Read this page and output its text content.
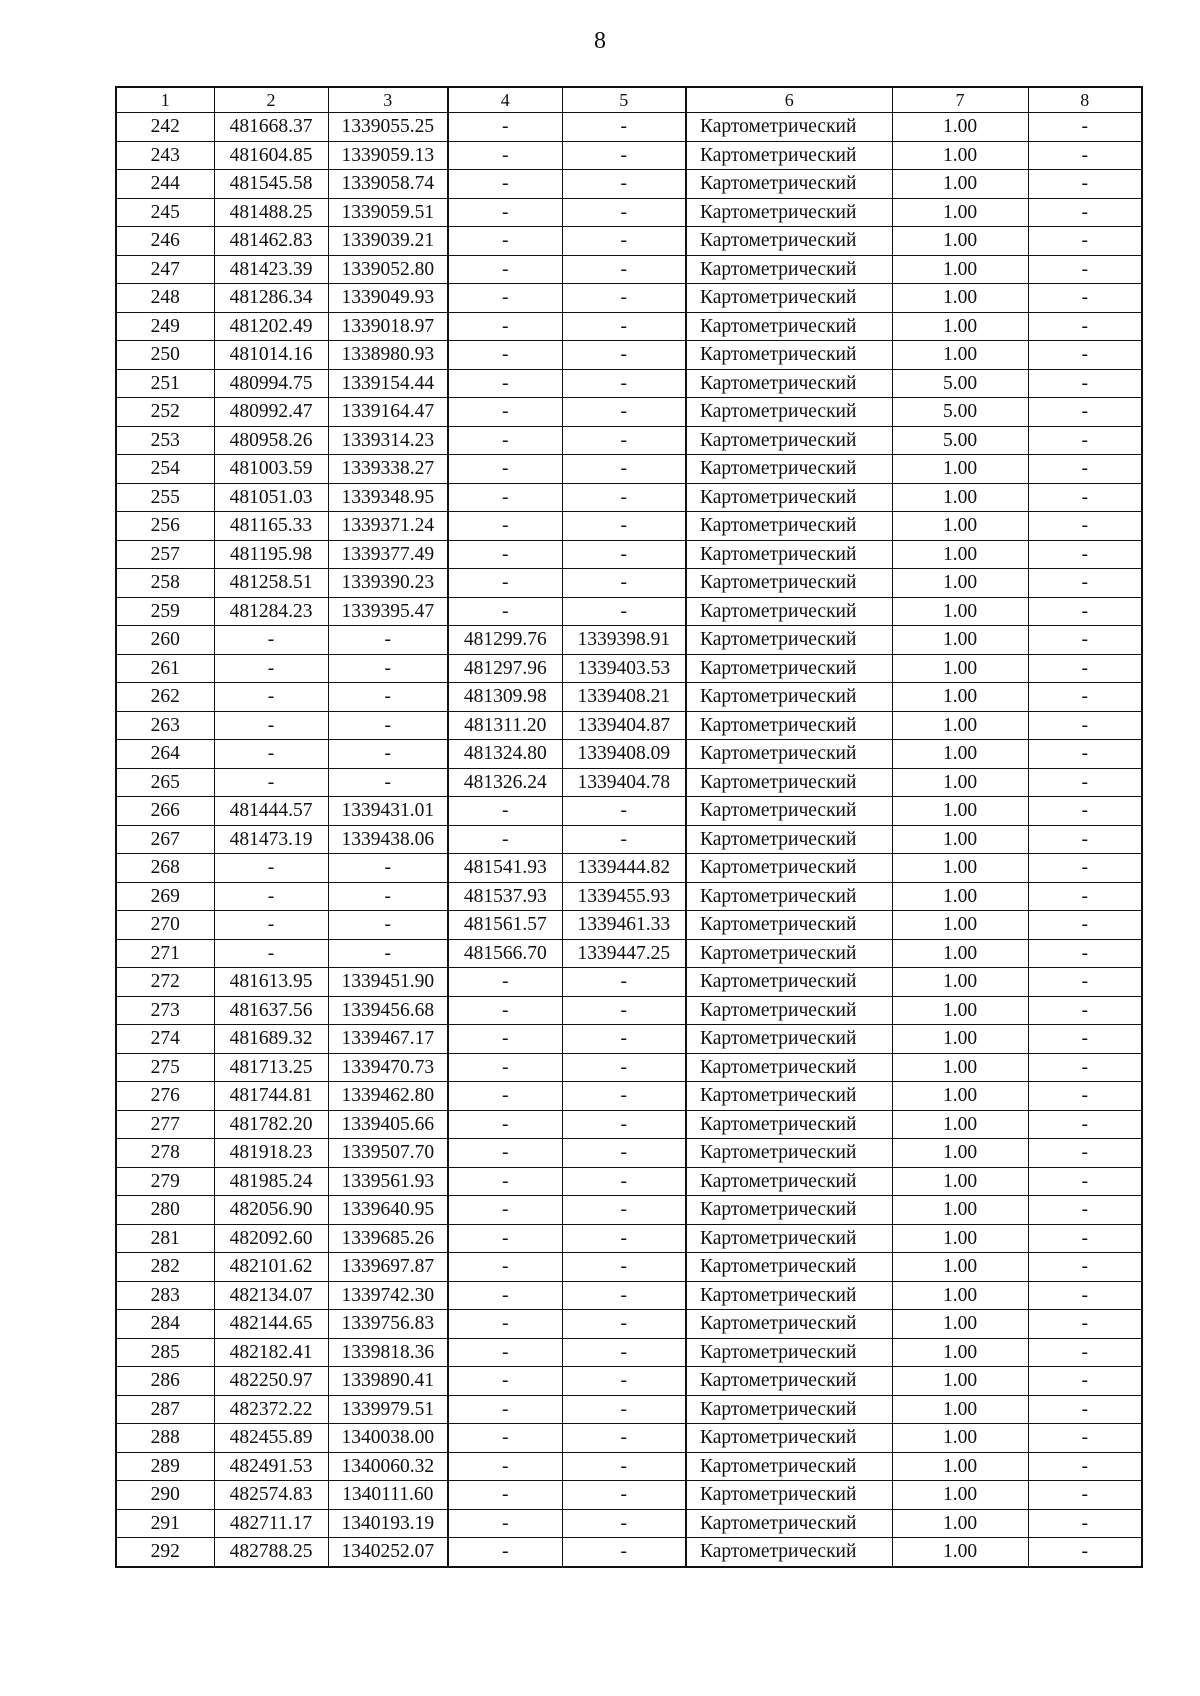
8
1	2	3	4	5	6	7	8
242	481668.37	1339055.25	-	-	Картометрический	1.00	-
243	481604.85	1339059.13	-	-	Картометрический	1.00	-
244	481545.58	1339058.74	-	-	Картометрический	1.00	-
245	481488.25	1339059.51	-	-	Картометрический	1.00	-
246	481462.83	1339039.21	-	-	Картометрический	1.00	-
247	481423.39	1339052.80	-	-	Картометрический	1.00	-
248	481286.34	1339049.93	-	-	Картометрический	1.00	-
249	481202.49	1339018.97	-	-	Картометрический	1.00	-
250	481014.16	1338980.93	-	-	Картометрический	1.00	-
251	480994.75	1339154.44	-	-	Картометрический	5.00	-
252	480992.47	1339164.47	-	-	Картометрический	5.00	-
253	480958.26	1339314.23	-	-	Картометрический	5.00	-
254	481003.59	1339338.27	-	-	Картометрический	1.00	-
255	481051.03	1339348.95	-	-	Картометрический	1.00	-
256	481165.33	1339371.24	-	-	Картометрический	1.00	-
257	481195.98	1339377.49	-	-	Картометрический	1.00	-
258	481258.51	1339390.23	-	-	Картометрический	1.00	-
259	481284.23	1339395.47	-	-	Картометрический	1.00	-
260	-	-	481299.76	1339398.91	Картометрический	1.00	-
261	-	-	481297.96	1339403.53	Картометрический	1.00	-
262	-	-	481309.98	1339408.21	Картометрический	1.00	-
263	-	-	481311.20	1339404.87	Картометрический	1.00	-
264	-	-	481324.80	1339408.09	Картометрический	1.00	-
265	-	-	481326.24	1339404.78	Картометрический	1.00	-
266	481444.57	1339431.01	-	-	Картометрический	1.00	-
267	481473.19	1339438.06	-	-	Картометрический	1.00	-
268	-	-	481541.93	1339444.82	Картометрический	1.00	-
269	-	-	481537.93	1339455.93	Картометрический	1.00	-
270	-	-	481561.57	1339461.33	Картометрический	1.00	-
271	-	-	481566.70	1339447.25	Картометрический	1.00	-
272	481613.95	1339451.90	-	-	Картометрический	1.00	-
273	481637.56	1339456.68	-	-	Картометрический	1.00	-
274	481689.32	1339467.17	-	-	Картометрический	1.00	-
275	481713.25	1339470.73	-	-	Картометрический	1.00	-
276	481744.81	1339462.80	-	-	Картометрический	1.00	-
277	481782.20	1339405.66	-	-	Картометрический	1.00	-
278	481918.23	1339507.70	-	-	Картометрический	1.00	-
279	481985.24	1339561.93	-	-	Картометрический	1.00	-
280	482056.90	1339640.95	-	-	Картометрический	1.00	-
281	482092.60	1339685.26	-	-	Картометрический	1.00	-
282	482101.62	1339697.87	-	-	Картометрический	1.00	-
283	482134.07	1339742.30	-	-	Картометрический	1.00	-
284	482144.65	1339756.83	-	-	Картометрический	1.00	-
285	482182.41	1339818.36	-	-	Картометрический	1.00	-
286	482250.97	1339890.41	-	-	Картометрический	1.00	-
287	482372.22	1339979.51	-	-	Картометрический	1.00	-
288	482455.89	1340038.00	-	-	Картометрический	1.00	-
289	482491.53	1340060.32	-	-	Картометрический	1.00	-
290	482574.83	1340111.60	-	-	Картометрический	1.00	-
291	482711.17	1340193.19	-	-	Картометрический	1.00	-
292	482788.25	1340252.07	-	-	Картометрический	1.00	-
